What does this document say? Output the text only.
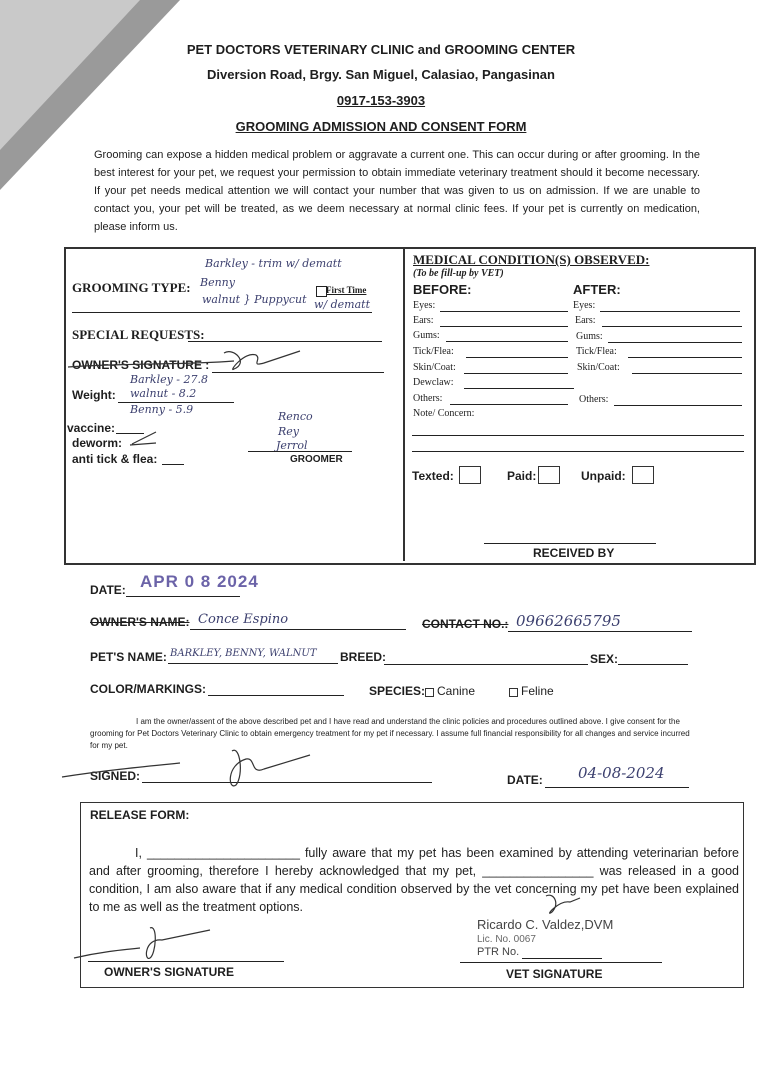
PET DOCTORS VETERINARY CLINIC and GROOMING CENTER
Diversion Road, Brgy. San Miguel, Calasiao, Pangasinan
0917-153-3903
GROOMING ADMISSION AND CONSENT FORM
Grooming can expose a hidden medical problem or aggravate a current one. This can occur during or after grooming. In the best interest for your pet, we request your permission to obtain immediate veterinary treatment should it become necessary. If your pet needs medical attention we will contact your number that was given to us on admission. If we are unable to contact you, your pet will be treated, as we deem necessary at normal clinic fees. If your pet is currently on medication, please inform us.
Barkley - trim w/ dematt
GROOMING TYPE: Benny
walnut } Puppycut
First Time
w/ dematt
SPECIAL REQUESTS:
OWNER'S SIGNATURE :
Barkley - 27.8
Weight: walnut - 8.2
Benny - 5.9
Renco
Rey
Jerrol
GROOMER
vaccine:
deworm:
anti tick & flea:
MEDICAL CONDITION(S) OBSERVED:
(To be fill-up by VET)
BEFORE:	AFTER:
Eyes:	Eyes:
Ears:	Ears:
Gums:	Gums:
Tick/Flea:	Tick/Flea:
Skin/Coat:	Skin/Coat:
Dewclaw:
Others:	Others:
Note/ Concern:
Texted:	Paid:	Unpaid:
RECEIVED BY
DATE: APR 0 8 2024
OWNER'S NAME: Conce Espino	CONTACT NO.: 09662665795
PET'S NAME: BARKLEY, BENNY, WALNUT BREED:	SEX:
COLOR/MARKINGS:	SPECIES: Canine	Feline
I am the owner/assent of the above described pet and I have read and understand the clinic policies and procedures outlined above. I give consent for the grooming for Pet Doctors Veterinary Clinic to obtain emergency treatment for my pet if necessary. I assume full financial responsibility for all changes and service incurred for my pet.
SIGNED:	DATE: 04-08-2024
RELEASE FORM:
I, ______________________ fully aware that my pet has been examined by attending veterinarian before and after grooming, therefore I hereby acknowledged that my pet, ________________ was released in a good condition, I am also aware that if any medical condition observed by the vet concerning my pet have been explained to me as well as the treatment options.
Ricardo C. Valdez,DVM
Lic. No. 0067
PTR No.
OWNER'S SIGNATURE	VET SIGNATURE
